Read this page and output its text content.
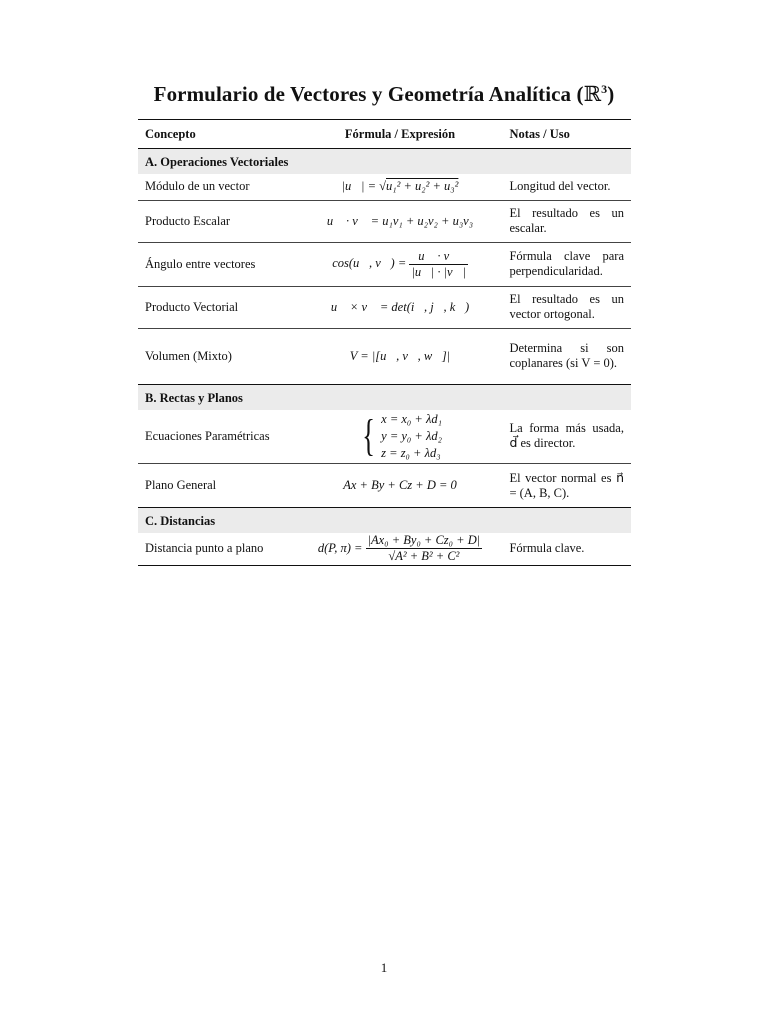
Formulario de Vectores y Geometría Analítica (ℝ$^3$)
Concepto	Fórmula / Expresión	Notas / Uso
A. Operaciones Vectoriales		
Módulo de un vector	|u⃗| = √u₁² + u₂² + u₃²	Longitud del vector.
Producto Escalar	u⃗ · v⃗ = u₁v₁ + u₂v₂ + u₃v₃	El resultado es un escalar.
Ángulo entre vectores	cos(u⃗, v⃗) = $\frac{u⃗ \cdot v⃗}{|u⃗| \cdot |v⃗|}$	Fórmula clave para perpendicularidad.
Producto Vectorial	u⃗ × v⃗ = det(i⃗, j⃗, k⃗)	El resultado es un vector ortogonal.
Volumen (Mixto)	V = |[u⃗, v⃗, w⃗]|	Determina si son coplanares (si V = 0).
B. Rectas y Planos		
Ecuaciones Paramétricas	{ x = x₀ + λd₁
y = y₀ + λd₂
z = z₀ + λd₃	La forma más usada, d⃗ es director.
Plano General	Ax + By + Cz + D = 0	El vector normal es n⃗ = (A, B, C).
C. Distancias		
Distancia punto a plano	d(P, $\pi) = \frac{\text{|Ax₀ + By₀ + Cz₀ + D|}}{\text{√A² + B² + C²}}$	Fórmula clave.
1
